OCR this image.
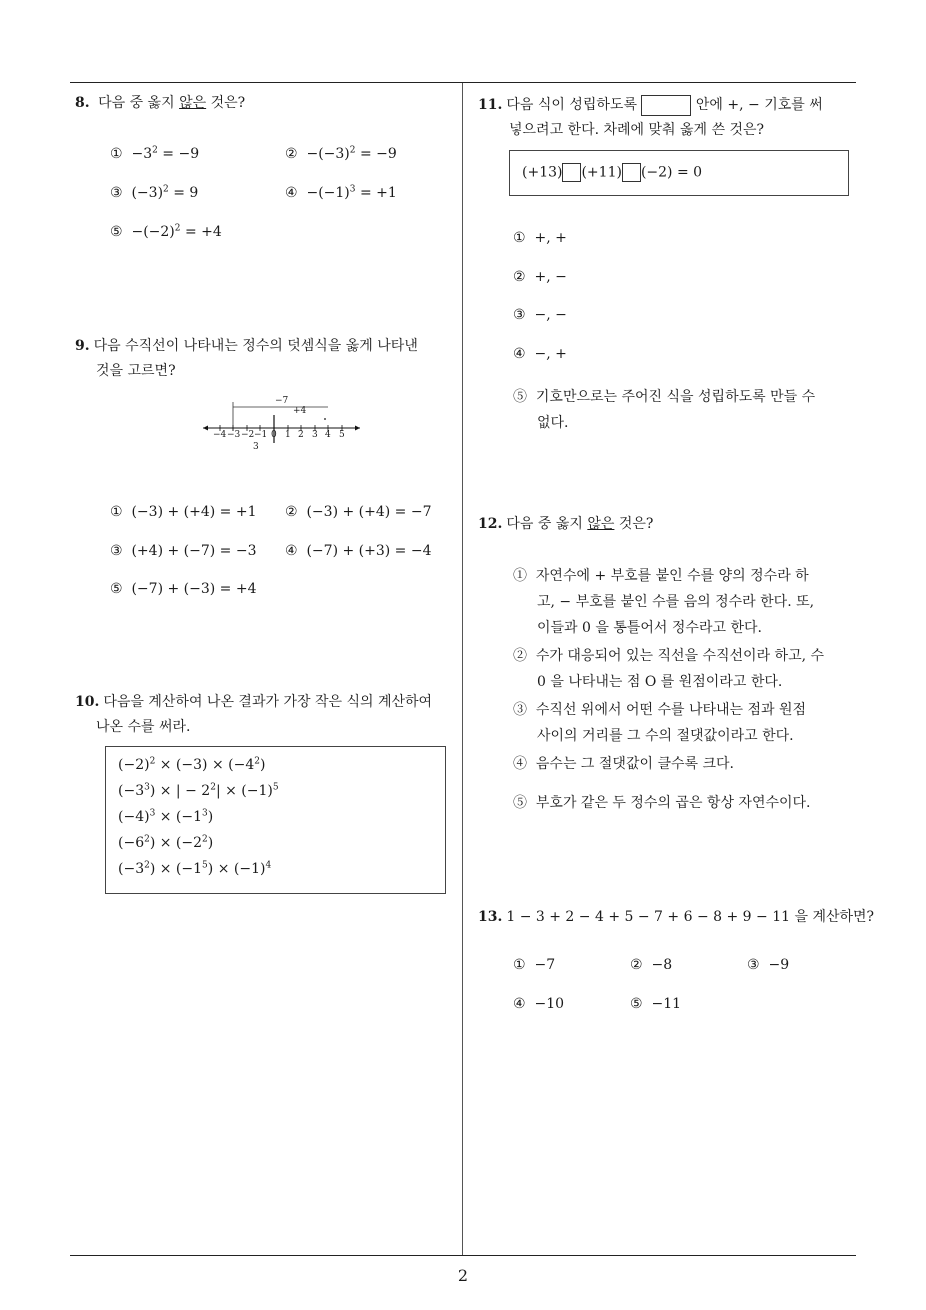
2
8. 다음 중 옳지 않은 것은?
① $-3^2 = -9$	② $-(-3)^2 = -9$
③ $(-3)^2 = 9$	④ $-(-1)^3 = +1$
⑤ $-(-2)^2 = +4$
9. 다음 수직선이 나타내는 정수의 덧셈식을 옳게 나타낸
것을 고르면?
−7
+4
−4 −3 −2 −1 0 1 2 3 4 5
3
① (−3) + (+4) = +1 ② (−3) + (+4) = −7
③ (+4) + (−7) = −3 ④ (−7) + (+3) = −4
⑤ (−7) + (−3) = +4
10. 다음을 계산하여 나온 결과가 가장 작은 식의 계산하여
나온 수를 써라.
$(-2)^2 \times (-3) \times (-4^2)$
$(-3^3)$ × | − $2^2| \times (-1)^5$
$(-4)^3 \times (-1^3)$
$(-6^2) \times (-2^2)$
$(-3^2) \times (-1^5) \times (-1)^4$
11. 다음 식이 성립하도록	안에 +, − 기호를 써
넣으려고 한다. 차례에 맞춰 옳게 쓴 것은?
(+13) (+11) (−2) = 0
① +, +
② +, −
③ −, −
④ −, +
⑤ 기호만으로는 주어진 식을 성립하도록 만들 수
없다.
12. 다음 중 옳지 않은 것은?
① 자연수에 + 부호를 붙인 수를 양의 정수라 하
고, − 부호를 붙인 수를 음의 정수라 한다. 또,
이들과 0 을 통틀어서 정수라고 한다.
② 수가 대응되어 있는 직선을 수직선이라 하고, 수
0 을 나타내는 점 O 를 원점이라고 한다.
③ 수직선 위에서 어떤 수를 나타내는 점과 원점
사이의 거리를 그 수의 절댓값이라고 한다.
④ 음수는 그 절댓값이 클수록 크다.
⑤ 부호가 같은 두 정수의 곱은 항상 자연수이다.
13. 1 − 3 + 2 − 4 + 5 − 7 + 6 − 8 + 9 − 11 을 계산하면?
① −7	② −8	③ −9
④ −10	⑤ −11
